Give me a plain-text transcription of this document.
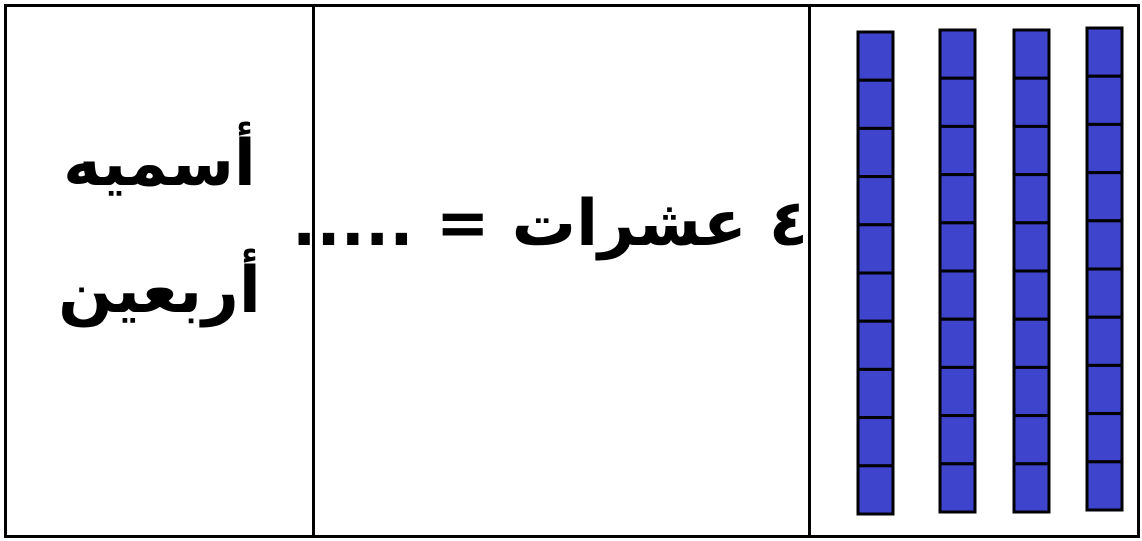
أسميه
أربعين
٤ عشرات = .....
